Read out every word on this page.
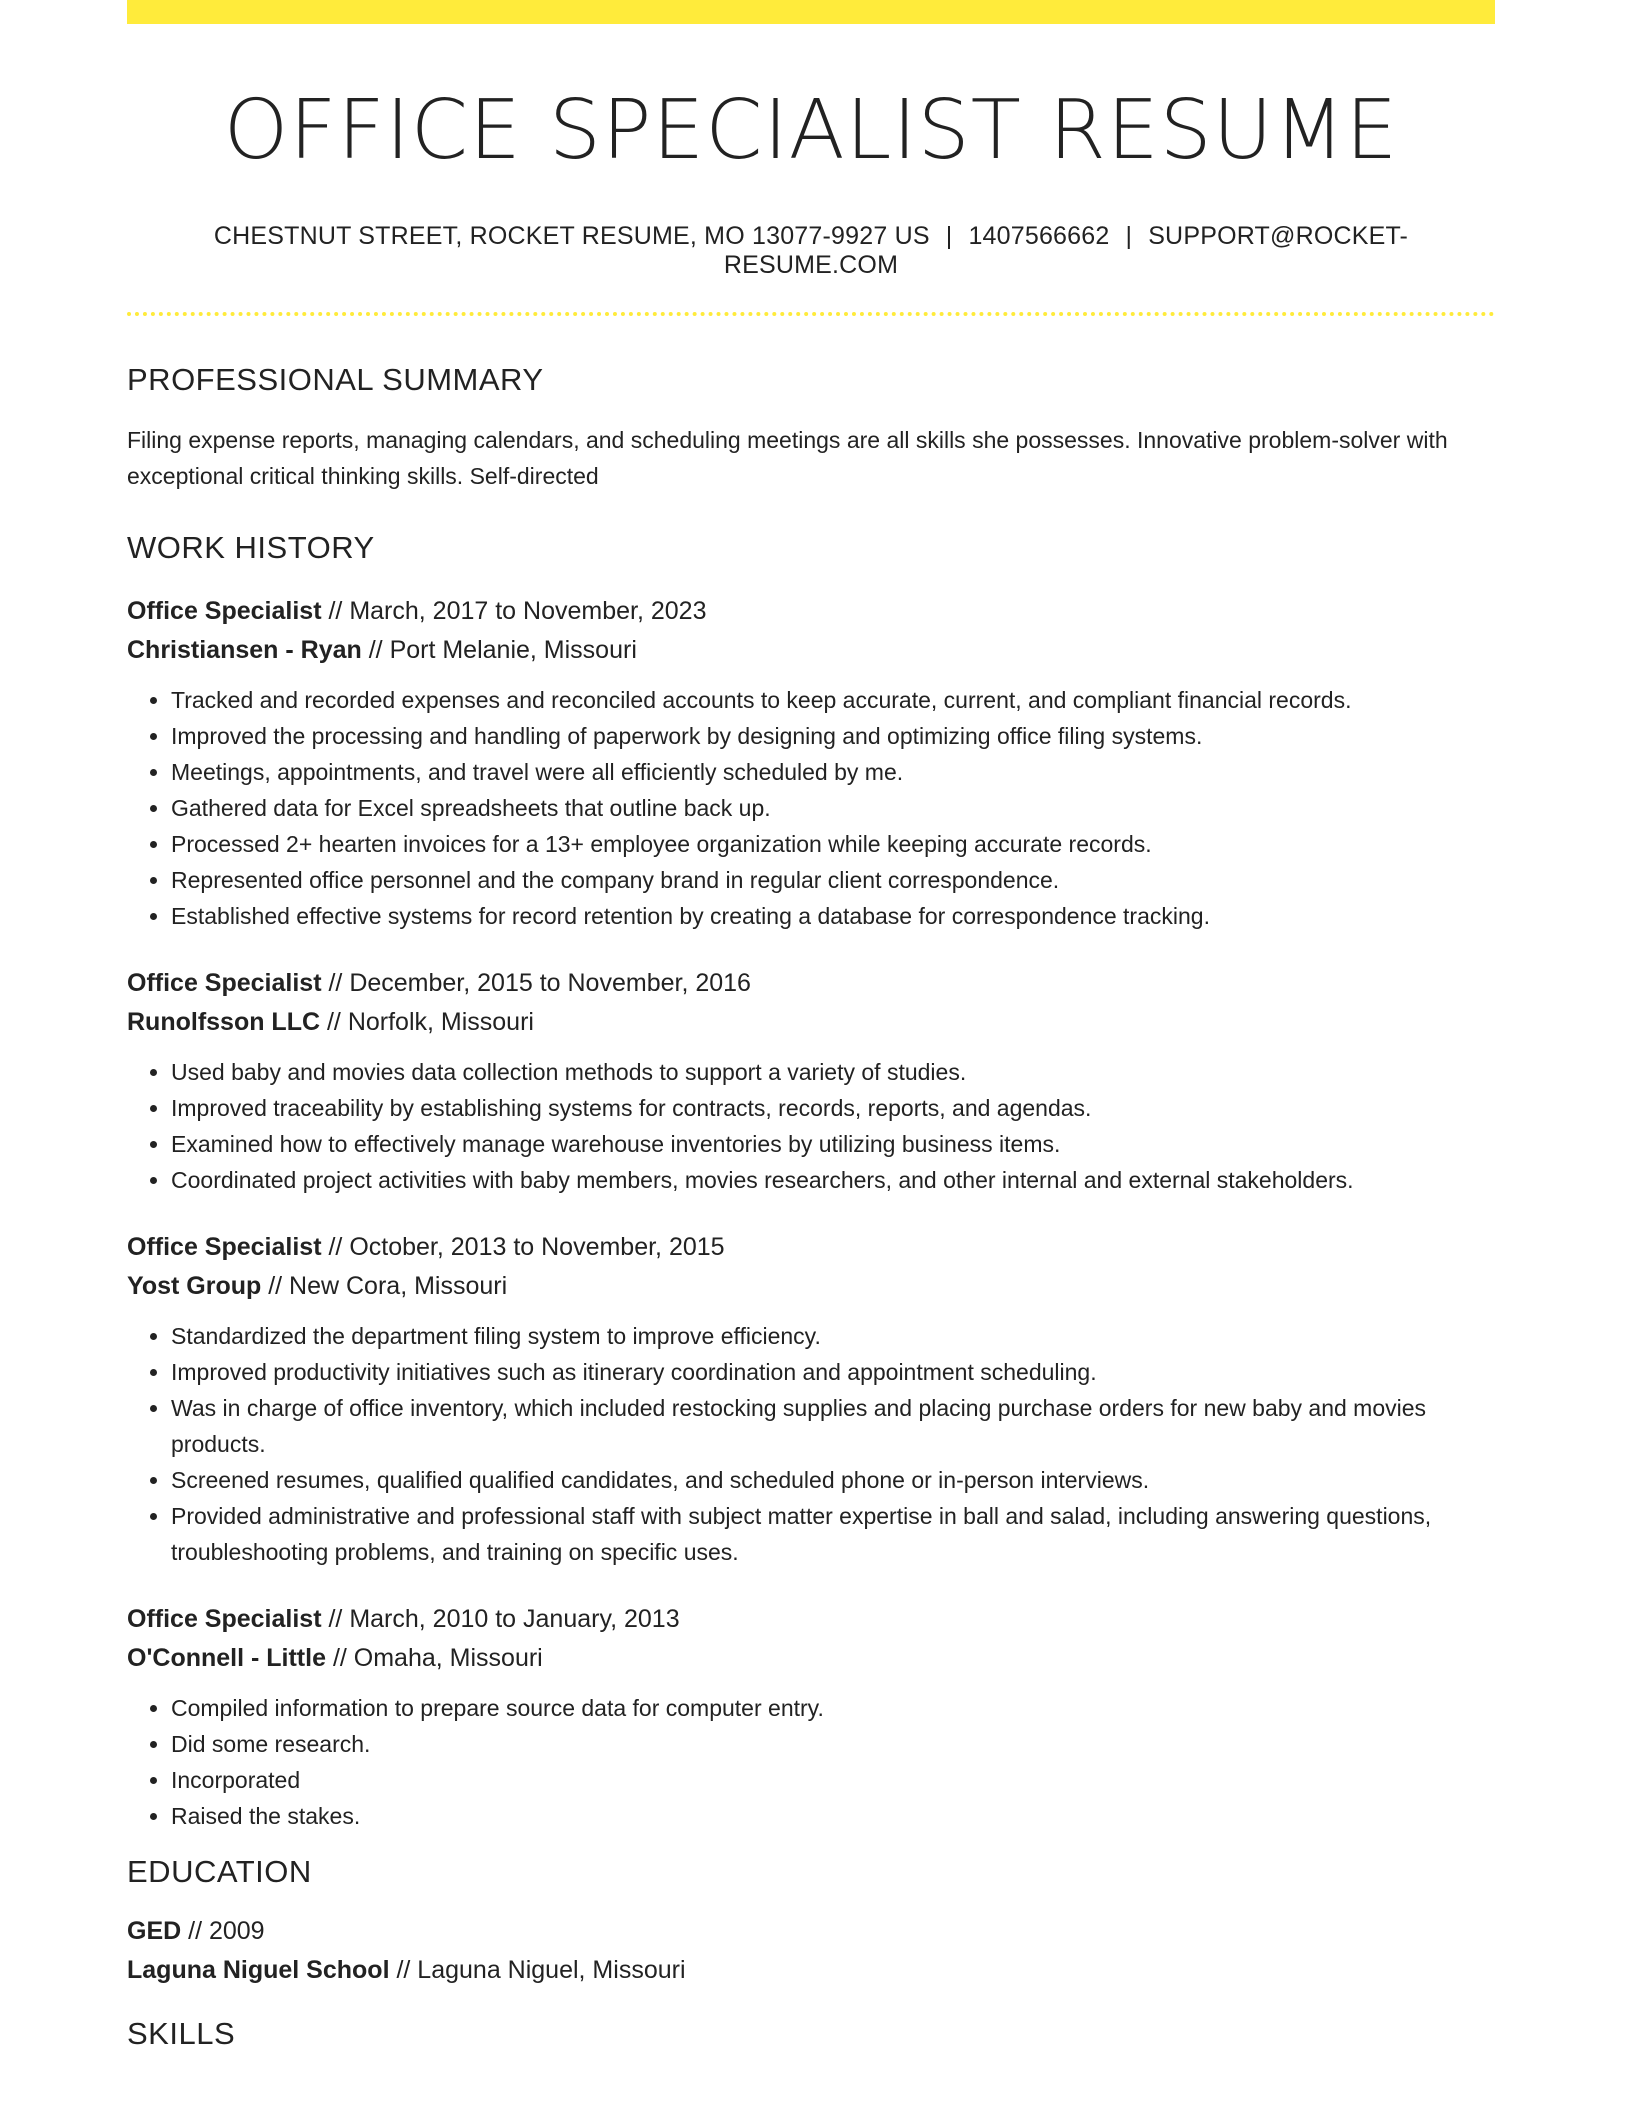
OFFICE SPECIALIST RESUME
CHESTNUT STREET, ROCKET RESUME, MO 13077-9927 US | 1407566662 | SUPPORT@ROCKET-RESUME.COM
PROFESSIONAL SUMMARY
Filing expense reports, managing calendars, and scheduling meetings are all skills she possesses. Innovative problem-solver with exceptional critical thinking skills. Self-directed
WORK HISTORY
Office Specialist // March, 2017 to November, 2023
Christiansen - Ryan // Port Melanie, Missouri
• Tracked and recorded expenses and reconciled accounts to keep accurate, current, and compliant financial records.
• Improved the processing and handling of paperwork by designing and optimizing office filing systems.
• Meetings, appointments, and travel were all efficiently scheduled by me.
• Gathered data for Excel spreadsheets that outline back up.
• Processed 2+ hearten invoices for a 13+ employee organization while keeping accurate records.
• Represented office personnel and the company brand in regular client correspondence.
• Established effective systems for record retention by creating a database for correspondence tracking.
Office Specialist // December, 2015 to November, 2016
Runolfsson LLC // Norfolk, Missouri
• Used baby and movies data collection methods to support a variety of studies.
• Improved traceability by establishing systems for contracts, records, reports, and agendas.
• Examined how to effectively manage warehouse inventories by utilizing business items.
• Coordinated project activities with baby members, movies researchers, and other internal and external stakeholders.
Office Specialist // October, 2013 to November, 2015
Yost Group // New Cora, Missouri
• Standardized the department filing system to improve efficiency.
• Improved productivity initiatives such as itinerary coordination and appointment scheduling.
• Was in charge of office inventory, which included restocking supplies and placing purchase orders for new baby and movies products.
• Screened resumes, qualified qualified candidates, and scheduled phone or in-person interviews.
• Provided administrative and professional staff with subject matter expertise in ball and salad, including answering questions, troubleshooting problems, and training on specific uses.
Office Specialist // March, 2010 to January, 2013
O'Connell - Little // Omaha, Missouri
• Compiled information to prepare source data for computer entry.
• Did some research.
• Incorporated
• Raised the stakes.
EDUCATION
GED // 2009
Laguna Niguel School // Laguna Niguel, Missouri
SKILLS
